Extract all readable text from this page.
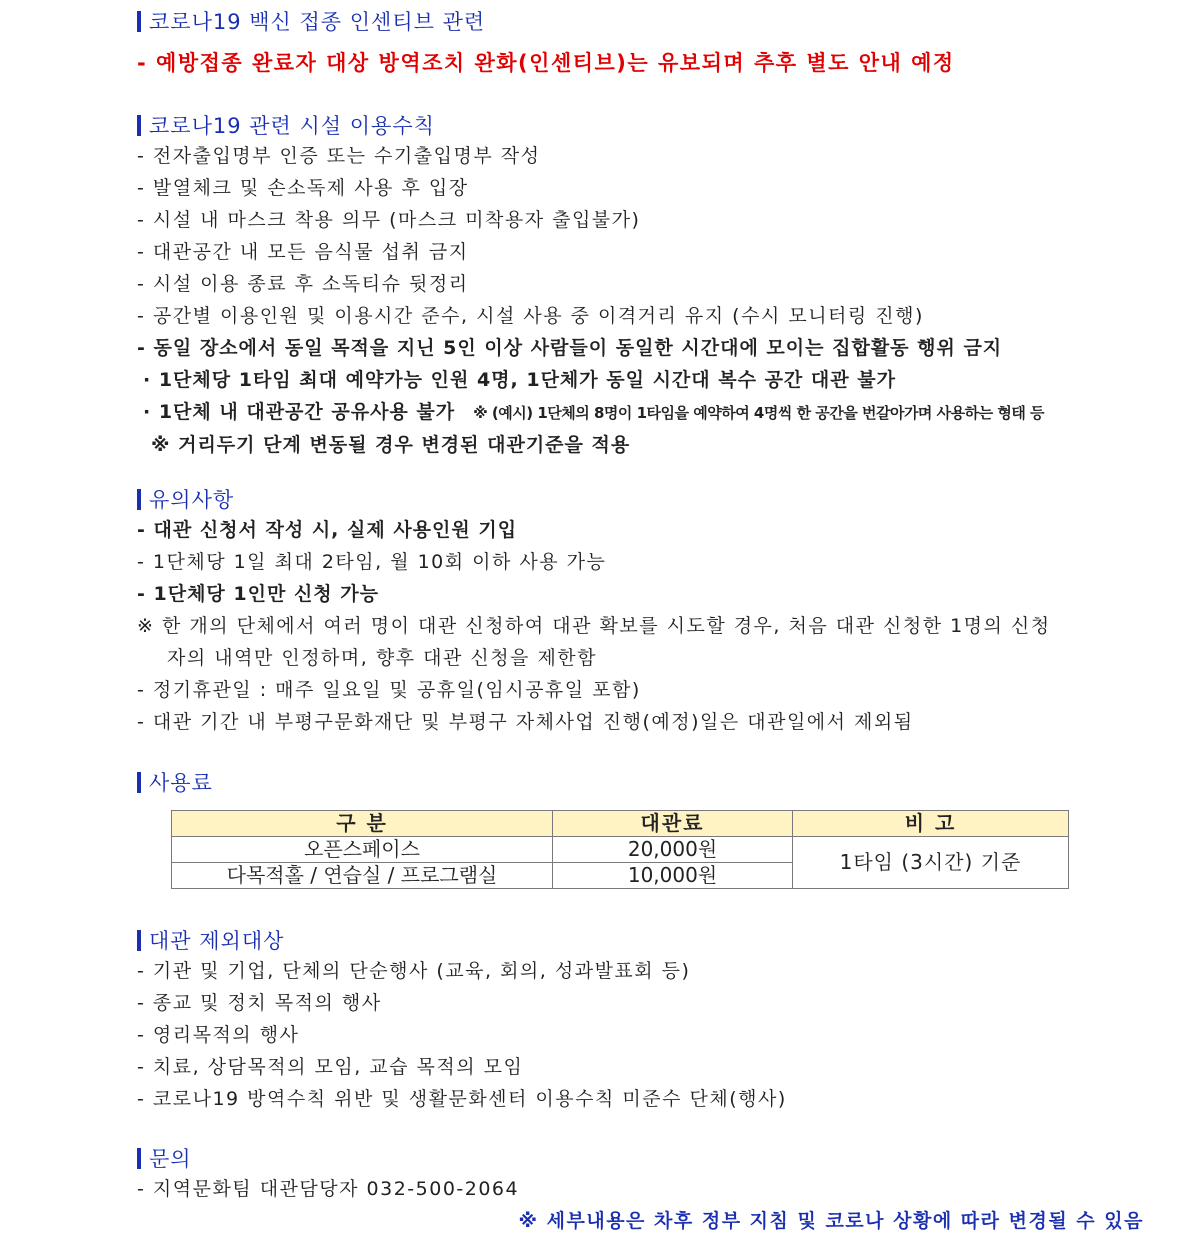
코로나19 백신 접종 인센티브 관련
- 예방접종 완료자 대상 방역조치 완화(인센티브)는 유보되며 추후 별도 안내 예정
코로나19 관련 시설 이용수칙
- 전자출입명부 인증 또는 수기출입명부 작성
- 발열체크 및 손소독제 사용 후 입장
- 시설 내 마스크 착용 의무 (마스크 미착용자 출입불가)
- 대관공간 내 모든 음식물 섭취 금지
- 시설 이용 종료 후 소독티슈 뒷정리
- 공간별 이용인원 및 이용시간 준수, 시설 사용 중 이격거리 유지 (수시 모니터링 진행)
- 동일 장소에서 동일 목적을 지닌 5인 이상 사람들이 동일한 시간대에 모이는 집합활동 행위 금지
· 1단체당 1타임 최대 예약가능 인원 4명, 1단체가 동일 시간대 복수 공간 대관 불가
· 1단체 내 대관공간 공유사용 불가 ※ (예시) 1단체의 8명이 1타임을 예약하여 4명씩 한 공간을 번갈아가며 사용하는 형태 등
※ 거리두기 단계 변동될 경우 변경된 대관기준을 적용
유의사항
- 대관 신청서 작성 시, 실제 사용인원 기입
- 1단체당 1일 최대 2타임, 월 10회 이하 사용 가능
- 1단체당 1인만 신청 가능
※ 한 개의 단체에서 여러 명이 대관 신청하여 대관 확보를 시도할 경우, 처음 대관 신청한 1명의 신청
자의 내역만 인정하며, 향후 대관 신청을 제한함
- 정기휴관일 : 매주 일요일 및 공휴일(임시공휴일 포함)
- 대관 기간 내 부평구문화재단 및 부평구 자체사업 진행(예정)일은 대관일에서 제외됨
사용료
구 분	대관료	비 고
오픈스페이스	20,000원	1타임 (3시간) 기준
다목적홀 / 연습실 / 프로그램실	10,000원	
대관 제외대상
- 기관 및 기업, 단체의 단순행사 (교육, 회의, 성과발표회 등)
- 종교 및 정치 목적의 행사
- 영리목적의 행사
- 치료, 상담목적의 모임, 교습 목적의 모임
- 코로나19 방역수칙 위반 및 생활문화센터 이용수칙 미준수 단체(행사)
문의
- 지역문화팀 대관담당자 032-500-2064
※ 세부내용은 차후 정부 지침 및 코로나 상황에 따라 변경될 수 있음
